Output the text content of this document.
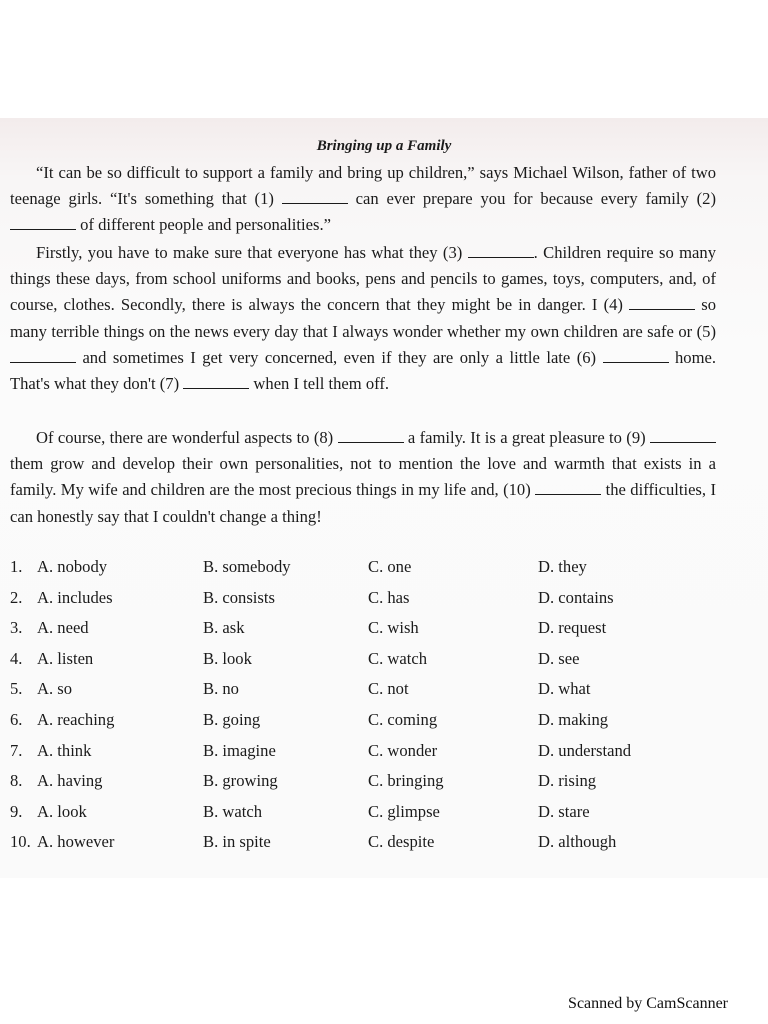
Bringing up a Family

“It can be so difficult to support a family and bring up children,” says Michael Wilson, father of two teenage girls. “It's something that (1)	can ever prepare you for because every family (2)  of different people and personalities.”

Firstly, you have to make sure that everyone has what they (3)	. Children require so many things these days, from school uniforms and books, pens and pencils to games, toys, computers, and, of course, clothes. Secondly, there is always the concern that they might be in danger. I (4)	so many terrible things on the news every day that I always wonder whether my own children are safe or (5)  and sometimes I get very concerned, even if they are only a little late (6)	home. That's what they don't (7)	when I tell them off.

Of course, there are wonderful aspects to (8)	a family. It is a great pleasure to (9)  them grow and develop their own personalities, not to mention the love and warmth that exists in a family. My wife and children are the most precious things in my life and, (10)	the difficulties, I can honestly say that I couldn't change a thing!

1. A. nobody	B. somebody	C. one	D. they
2. A. includes	B. consists	C. has	D. contains
3. A. need	B. ask	C. wish	D. request
4. A. listen	B. look	C. watch	D. see
5. A. so	B. no	C. not	D. what
6. A. reaching	B. going	C. coming	D. making
7. A. think	B. imagine	C. wonder	D. understand
8. A. having	B. growing	C. bringing	D. rising
9. A. look	B. watch	C. glimpse	D. stare
10. A. however	B. in spite	C. despite	D. although
Scanned by CamScanner
